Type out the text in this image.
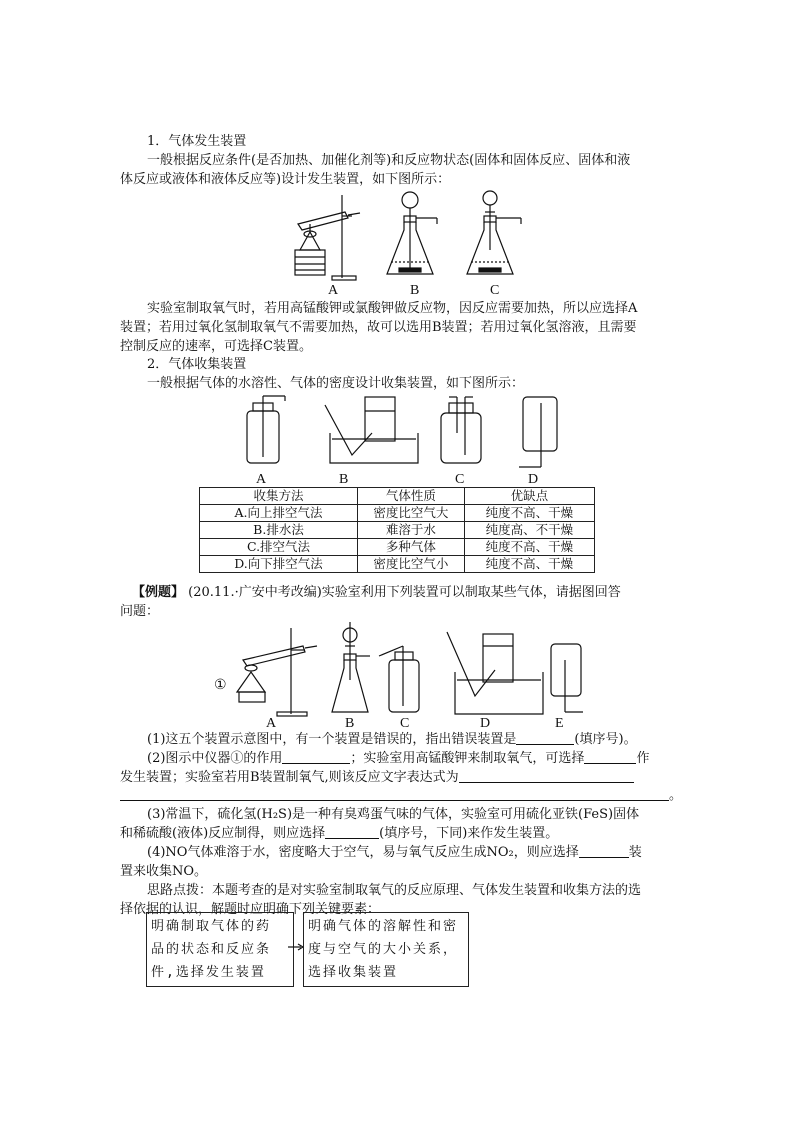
1．气体发生装置
一般根据反应条件(是否加热、加催化剂等)和反应物状态(固体和固体反应、固体和液
体反应或液体和液体反应等)设计发生装置，如下图所示：
A	B	C
实验室制取氧气时，若用高锰酸钾或氯酸钾做反应物，因反应需要加热，所以应选择A
装置；若用过氧化氢制取氧气不需要加热，故可以选用B装置；若用过氧化氢溶液，且需要
控制反应的速率，可选择C装置。
2．气体收集装置
一般根据气体的水溶性、气体的密度设计收集装置，如下图所示：
A	B	C	D
收集方法	气体性质	优缺点
A.向上排空气法	密度比空气大	纯度不高、干燥
B.排水法	难溶于水	纯度高、不干燥
C.排空气法	多种气体	纯度不高、干燥
D.向下排空气法	密度比空气小	纯度不高、干燥
【例题】 (20.11.·广安中考改编)实验室利用下列装置可以制取某些气体，请据图回答
问题：
①
A	B	C	D	E
(1)这五个装置示意图中，有一个装置是错误的，指出错误装置是	(填序号)。
(2)图示中仪器①的作用	；实验室用高锰酸钾来制取氧气，可选择	作
发生装置；实验室若用B装置制氧气,则该反应文字表达式为
。
(3)常温下，硫化氢(H₂S)是一种有臭鸡蛋气味的气体，实验室可用硫化亚铁(FeS)固体
和稀硫酸(液体)反应制得，则应选择	(填序号，下同)来作发生装置。
(4)NO气体难溶于水，密度略大于空气，易与氧气反应生成NO₂，则应选择	装
置来收集NO。
思路点拨：本题考查的是对实验室制取氧气的反应原理、气体发生装置和收集方法的选
择依据的认识，解题时应明确下列关键要素：
明确制取气体的药
品的状态和反应条
件,选择发生装置
明确气体的溶解性和密
度与空气的大小关系，
选择收集装置
